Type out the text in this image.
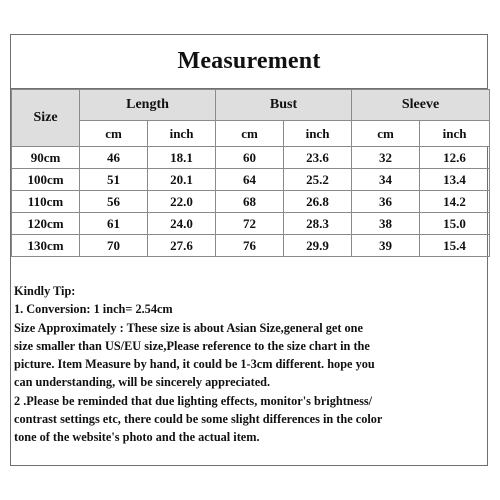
Measurement
Size	Length		Bust		Sleeve	
	cm	inch	cm	inch	cm	inch
90cm	46	18.1	60	23.6	32	12.6
100cm	51	20.1	64	25.2	34	13.4
110cm	56	22.0	68	26.8	36	14.2
120cm	61	24.0	72	28.3	38	15.0
130cm	70	27.6	76	29.9	39	15.4
Kindly Tip:
1. Conversion: 1 inch= 2.54cm
Size Approximately : These size is about Asian Size,general get one
size smaller than US/EU size,Please reference to the size chart in the
picture. Item Measure by hand, it could be 1-3cm different. hope you
can understanding, will be sincerely appreciated.
2 .Please be reminded that due lighting effects, monitor's brightness/
contrast settings etc, there could be some slight differences in the color
tone of the website's photo and the actual item.
